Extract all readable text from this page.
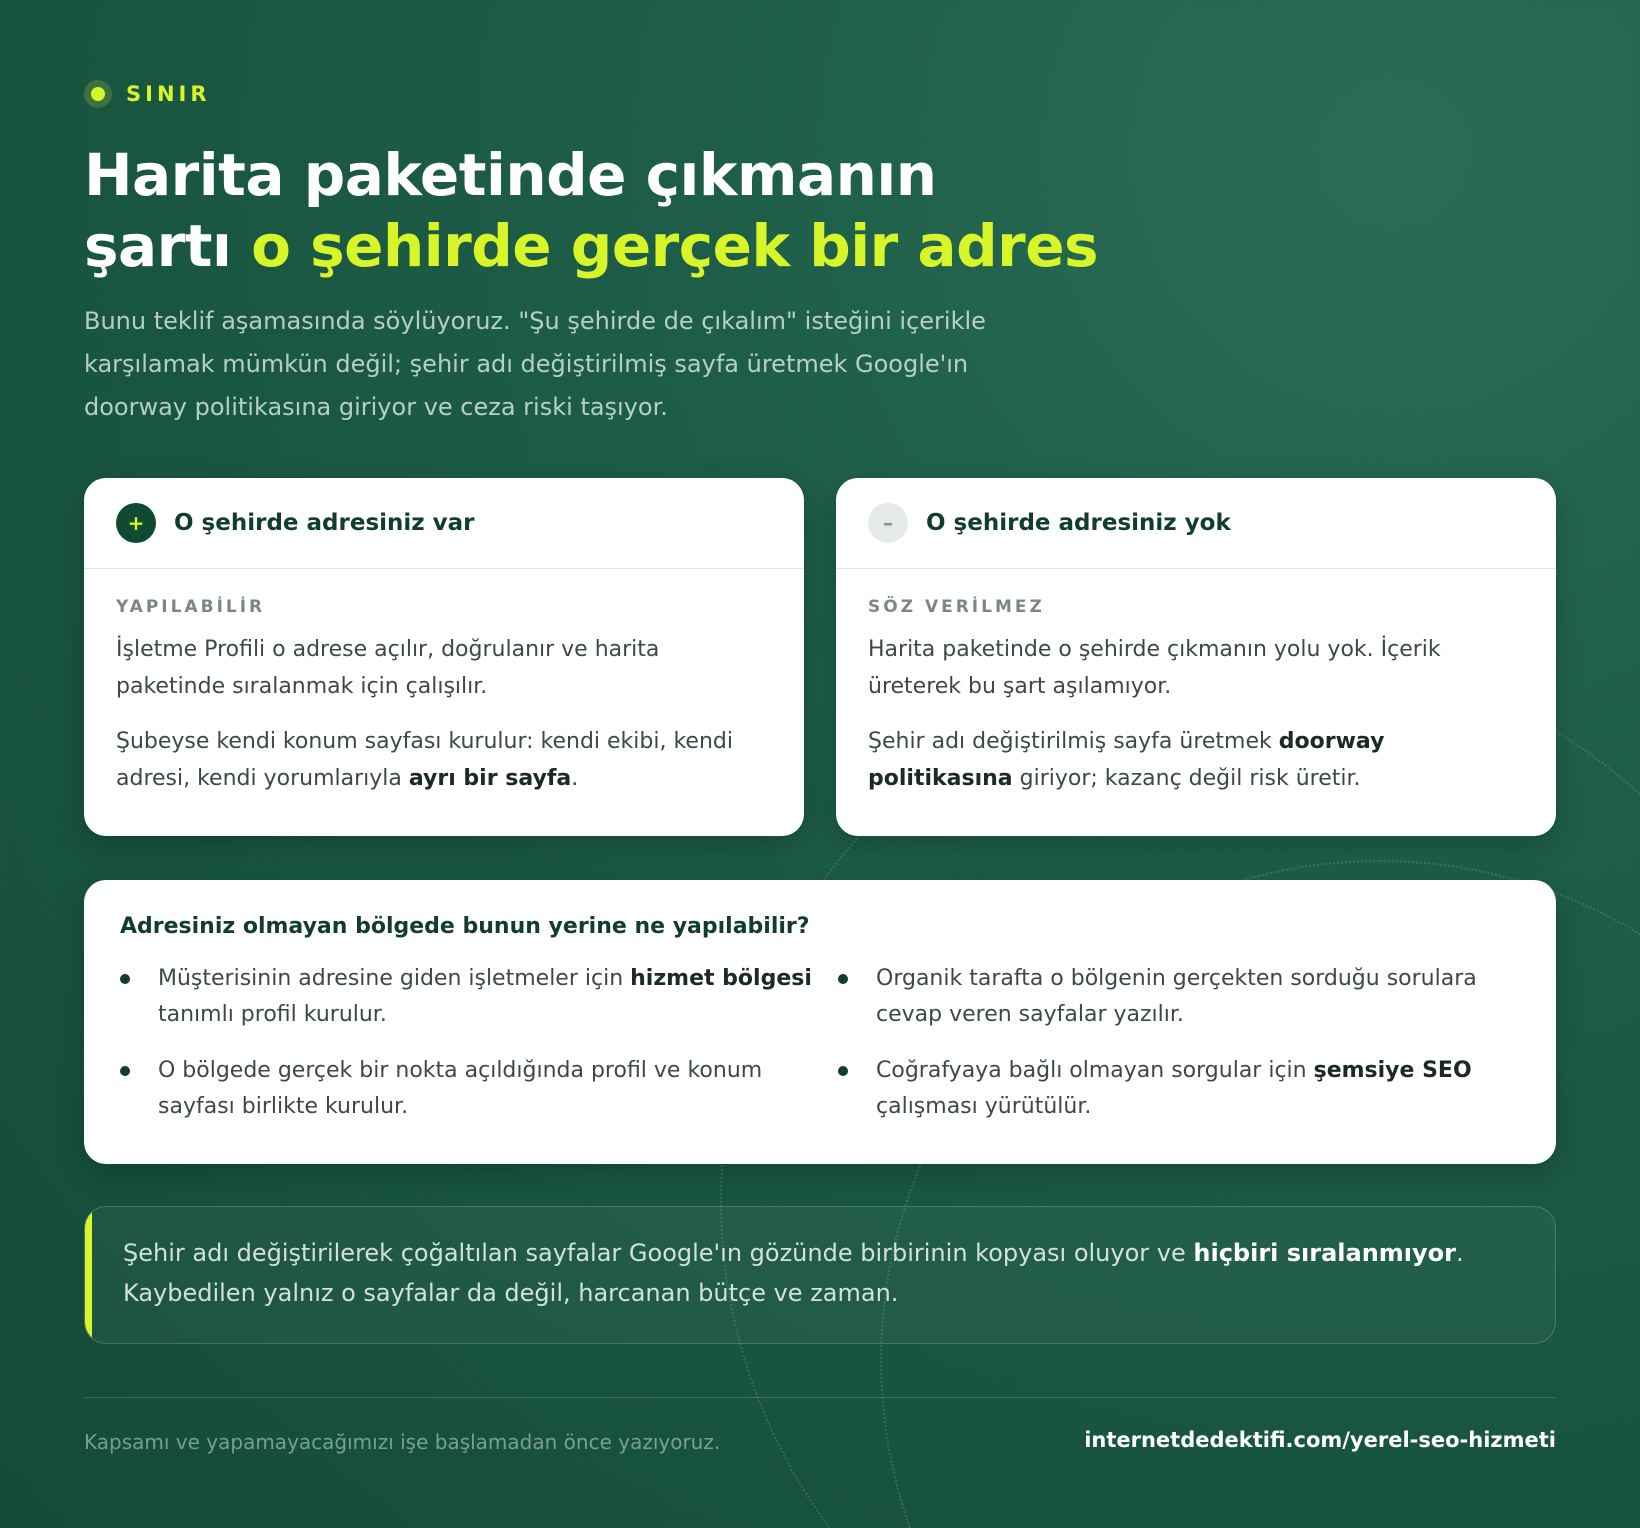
SINIR
Harita paketinde çıkmanın
şartı o şehirde gerçek bir adres

Bunu teklif aşamasında söylüyoruz. "Şu şehirde de çıkalım" isteğini içerikle karşılamak mümkün değil; şehir adı değiştirilmiş sayfa üretmek Google'ın doorway politikasına giriyor ve ceza riski taşıyor.

+	O şehirde adresiniz var
YAPILABİLİR

İşletme Profili o adrese açılır, doğrulanır ve harita paketinde sıralanmak için çalışılır.

Şubeyse kendi konum sayfası kurulur: kendi ekibi, kendi adresi, kendi yorumlarıyla ayrı bir sayfa.

–	O şehirde adresiniz yok
SÖZ VERİLMEZ

Harita paketinde o şehirde çıkmanın yolu yok. İçerik üreterek bu şart aşılamıyor.

Şehir adı değiştirilmiş sayfa üretmek doorway politikasına giriyor; kazanç değil risk üretir.

Adresiniz olmayan bölgede bunun yerine ne yapılabilir?
Müşterisinin adresine giden işletmeler için hizmet bölgesi tanımlı profil kurulur.
Organik tarafta o bölgenin gerçekten sorduğu sorulara cevap veren sayfalar yazılır.
O bölgede gerçek bir nokta açıldığında profil ve konum sayfası birlikte kurulur.
Coğrafyaya bağlı olmayan sorgular için şemsiye SEO çalışması yürütülür.

Şehir adı değiştirilerek çoğaltılan sayfalar Google'ın gözünde birbirinin kopyası oluyor ve hiçbiri sıralanmıyor. Kaybedilen yalnız o sayfalar da değil, harcanan bütçe ve zaman.

Kapsamı ve yapamayacağımızı işe başlamadan önce yazıyoruz.	internetdedektifi.com/yerel-seo-hizmeti
